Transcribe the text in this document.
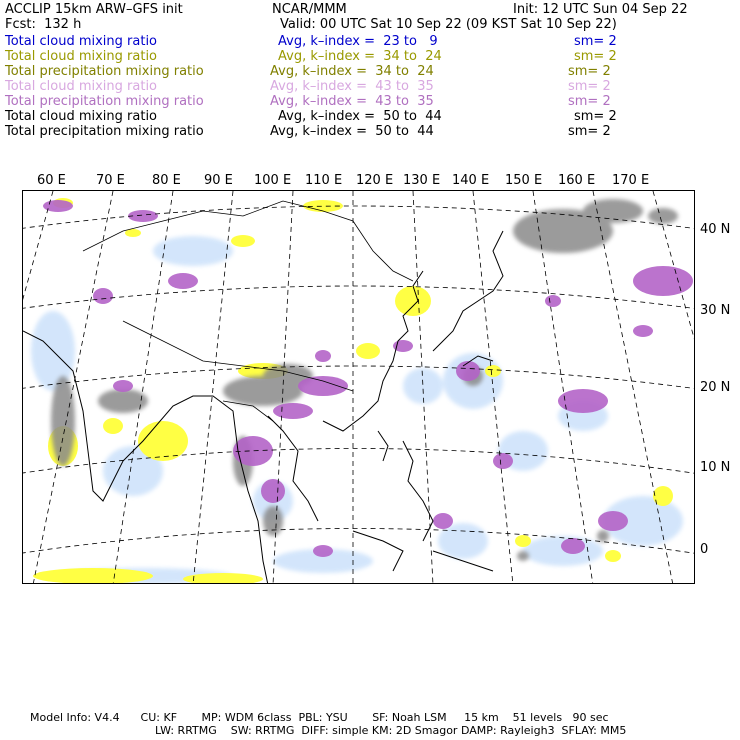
ACCLIP 15km ARW–GFS init	NCAR/MMM	Init: 12 UTC Sun 04 Sep 22
Fcst:  132 h	Valid: 00 UTC Sat 10 Sep 22 (09 KST Sat 10 Sep 22)
Total cloud mixing ratio	Avg, k–index =  23 to   9	sm= 2
Total cloud mixing ratio	Avg, k–index =  34 to  24	sm= 2
Total precipitation mixing ratio	Avg, k–index =  34 to  24	sm= 2
Total cloud mixing ratio	Avg, k–index =  43 to  35	sm= 2
Total precipitation mixing ratio	Avg, k–index =  43 to  35	sm= 2
Total cloud mixing ratio	Avg, k–index =  50 to  44	sm= 2
Total precipitation mixing ratio	Avg, k–index =  50 to  44	sm= 2
60 E 70 E 80 E 90 E 100 E 110 E 120 E 130 E 140 E 150 E 160 E 170 E
40 N
30 N
20 N
10 N
0
Model Info: V4.4      CU: KF       MP: WDM 6class  PBL: YSU       SF: Noah LSM     15 km    51 levels   90 sec
LW: RRTMG    SW: RRTMG  DIFF: simple KM: 2D Smagor DAMP: Rayleigh3  SFLAY: MM5
